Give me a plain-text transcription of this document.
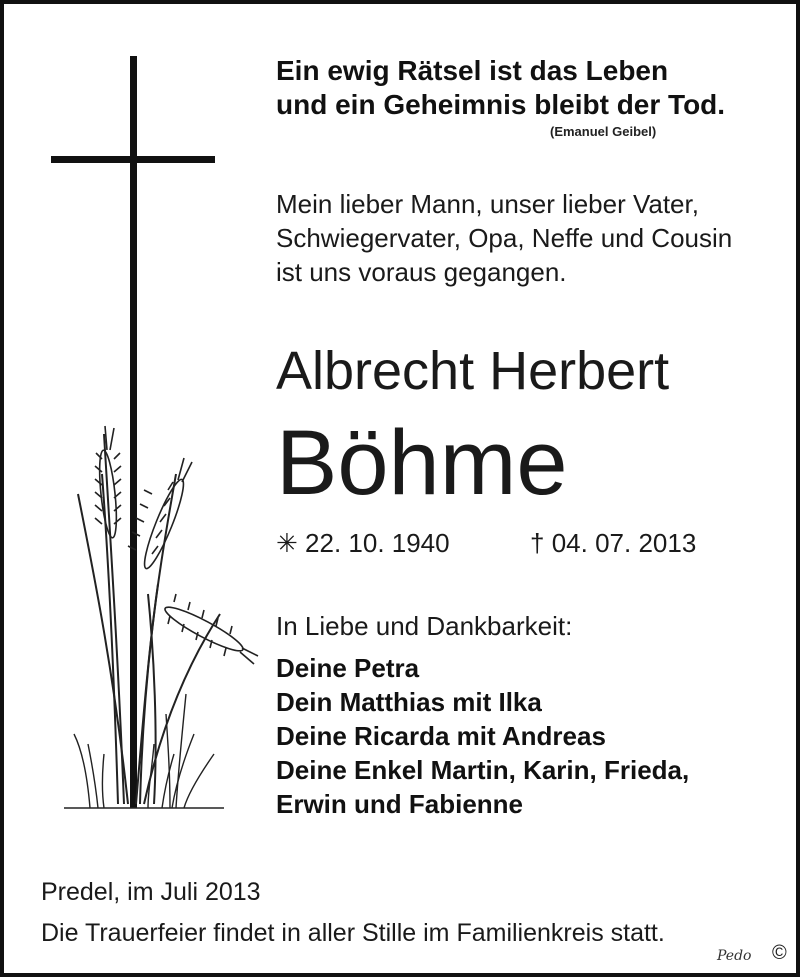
Ein ewig Rätsel ist das Leben
und ein Geheimnis bleibt der Tod.
(Emanuel Geibel)
Mein lieber Mann, unser lieber Vater,
Schwiegervater, Opa, Neffe und Cousin
ist uns voraus gegangen.
Albrecht Herbert
Böhme
✳ 22. 10. 1940	† 04. 07. 2013
In Liebe und Dankbarkeit:
Deine Petra
Dein Matthias mit Ilka
Deine Ricarda mit Andreas
Deine Enkel Martin, Karin, Frieda,
Erwin und Fabienne
Predel, im Juli 2013
Die Trauerfeier findet in aller Stille im Familienkreis statt.
Pedo ©
